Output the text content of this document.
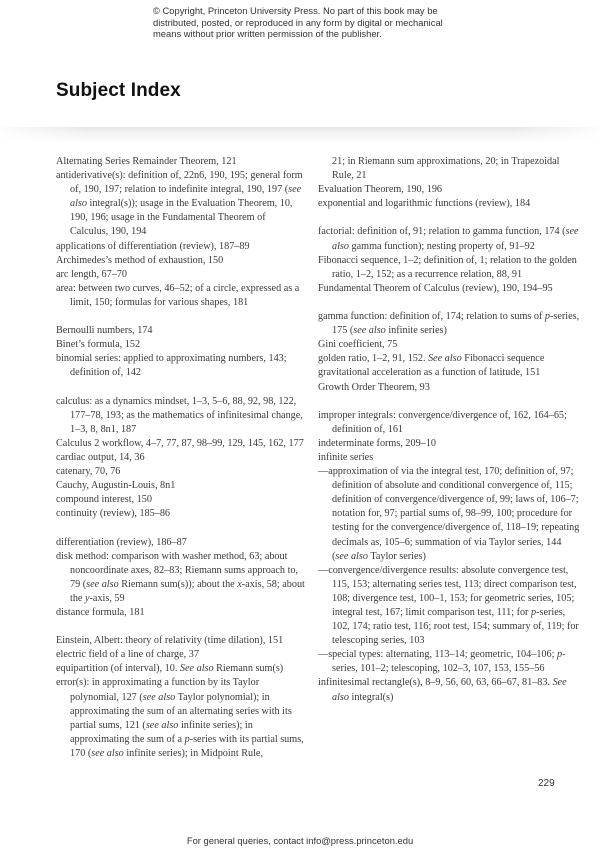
© Copyright, Princeton University Press. No part of this book may be distributed, posted, or reproduced in any form by digital or mechanical means without prior written permission of the publisher.
Subject Index
Alternating Series Remainder Theorem, 121
antiderivative(s): definition of, 22n6, 190, 195; general form of, 190, 197; relation to indefinite integral, 190, 197 (see also integral(s)); usage in the Evaluation Theorem, 10, 190, 196; usage in the Fundamental Theorem of Calculus, 190, 194
applications of differentiation (review), 187–89
Archimedes’s method of exhaustion, 150
arc length, 67–70
area: between two curves, 46–52; of a circle, expressed as a limit, 150; formulas for various shapes, 181
Bernoulli numbers, 174
Binet’s formula, 152
binomial series: applied to approximating numbers, 143; definition of, 142
calculus: as a dynamics mindset, 1–3, 5–6, 88, 92, 98, 122, 177–78, 193; as the mathematics of infinitesimal change, 1–3, 8, 8n1, 187
Calculus 2 workflow, 4–7, 77, 87, 98–99, 129, 145, 162, 177
cardiac output, 14, 36
catenary, 70, 76
Cauchy, Augustin-Louis, 8n1
compound interest, 150
continuity (review), 185–86
differentiation (review), 186–87
disk method: comparison with washer method, 63; about noncoordinate axes, 82–83; Riemann sums approach to, 79 (see also Riemann sum(s)); about the x-axis, 58; about the y-axis, 59
distance formula, 181
Einstein, Albert: theory of relativity (time dilation), 151
electric field of a line of charge, 37
equipartition (of interval), 10. See also Riemann sum(s)
error(s): in approximating a function by its Taylor polynomial, 127 (see also Taylor polynomial); in approximating the sum of an alternating series with its partial sums, 121 (see also infinite series); in approximating the sum of a p-series with its partial sums, 170 (see also infinite series); in Midpoint Rule,
21; in Riemann sum approximations, 20; in Trapezoidal Rule, 21
Evaluation Theorem, 190, 196
exponential and logarithmic functions (review), 184
factorial: definition of, 91; relation to gamma function, 174 (see also gamma function); nesting property of, 91–92
Fibonacci sequence, 1–2; definition of, 1; relation to the golden ratio, 1–2, 152; as a recurrence relation, 88, 91
Fundamental Theorem of Calculus (review), 190, 194–95
gamma function: definition of, 174; relation to sums of p-series, 175 (see also infinite series)
Gini coefficient, 75
golden ratio, 1–2, 91, 152. See also Fibonacci sequence
gravitational acceleration as a function of latitude, 151
Growth Order Theorem, 93
improper integrals: convergence/divergence of, 162, 164–65; definition of, 161
indeterminate forms, 209–10
infinite series
—approximation of via the integral test, 170; definition of, 97; definition of absolute and conditional convergence of, 115; definition of convergence/divergence of, 99; laws of, 106–7; notation for, 97; partial sums of, 98–99, 100; procedure for testing for the convergence/divergence of, 118–19; repeating decimals as, 105–6; summation of via Taylor series, 144 (see also Taylor series)
—convergence/divergence results: absolute convergence test, 115, 153; alternating series test, 113; direct comparison test, 108; divergence test, 100–1, 153; for geometric series, 105; integral test, 167; limit comparison test, 111; for p-series, 102, 174; ratio test, 116; root test, 154; summary of, 119; for telescoping series, 103
—special types: alternating, 113–14; geometric, 104–106; p-series, 101–2; telescoping, 102–3, 107, 153, 155–56
infinitesimal rectangle(s), 8–9, 56, 60, 63, 66–67, 81–83. See also integral(s)
229
For general queries, contact info@press.princeton.edu
